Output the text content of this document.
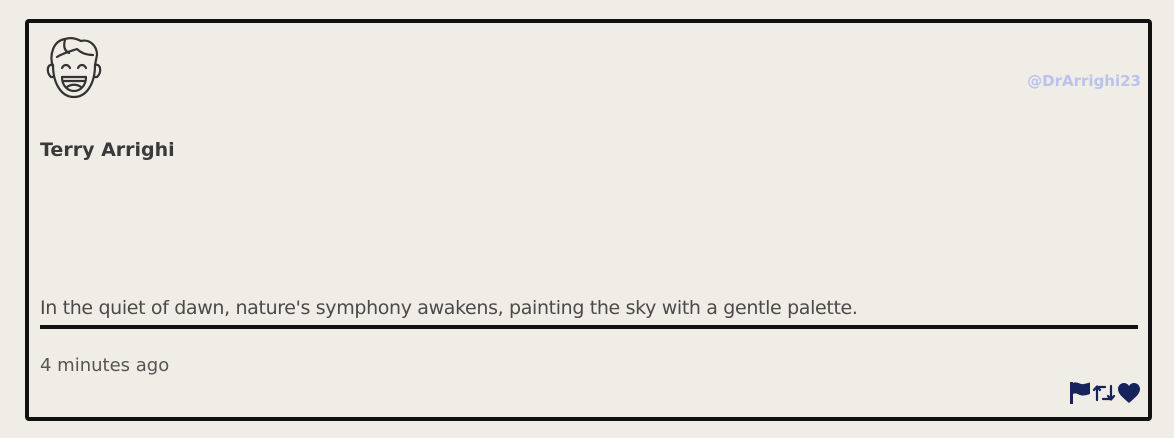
@DrArrighi23
Terry Arrighi
In the quiet of dawn, nature's symphony awakens, painting the sky with a gentle palette.
4 minutes ago
